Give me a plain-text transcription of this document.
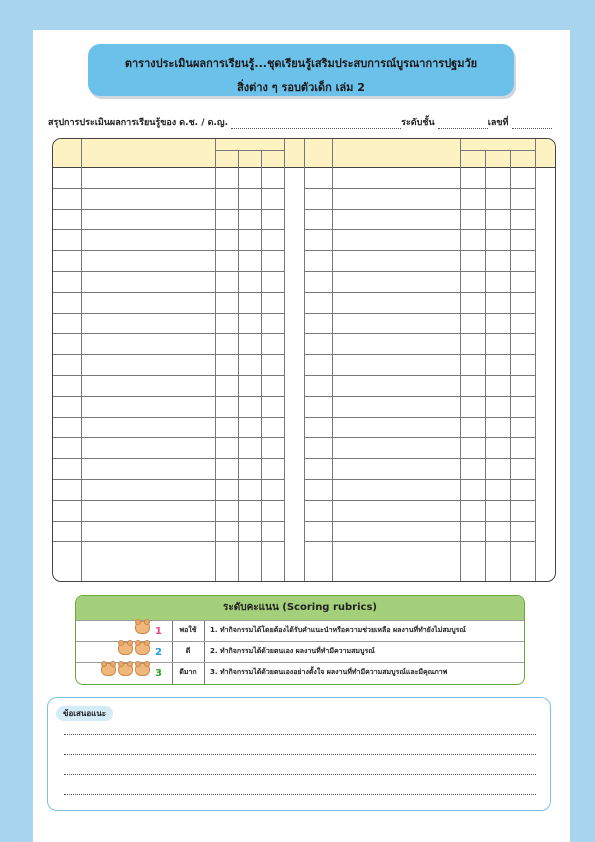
ตารางประเมินผลการเรียนรู้...ชุดเรียนรู้เสริมประสบการณ์บูรณาการปฐมวัย
สิ่งต่าง ๆ รอบตัวเด็ก เล่ม 2
สรุปการประเมินผลการเรียนรู้ของ ด.ช. / ด.ญ.	ระดับชั้น	เลขที่
ระดับคะแนน (Scoring rubrics)
1	พอใช้	1. ทำกิจกรรมได้โดยต้องได้รับคำแนะนำหรือความช่วยเหลือ ผลงานที่ทำยังไม่สมบูรณ์
2	ดี	2. ทำกิจกรรมได้ด้วยตนเอง ผลงานที่ทำมีความสมบูรณ์
3	ดีมาก	3. ทำกิจกรรมได้ด้วยตนเองอย่างตั้งใจ ผลงานที่ทำมีความสมบูรณ์และมีคุณภาพ
ข้อเสนอแนะ
